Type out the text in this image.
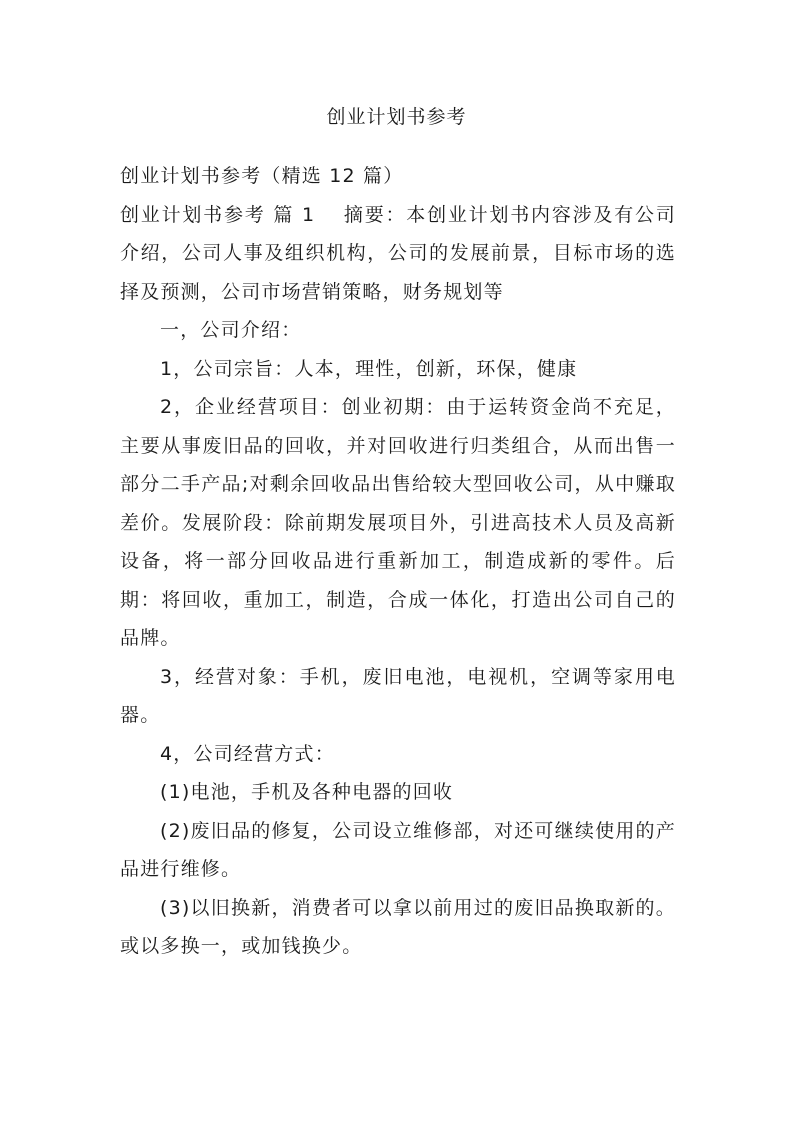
创业计划书参考

创业计划书参考（精选 12 篇）

创业计划书参考 篇 1 摘要：本创业计划书内容涉及有公司介绍，公司人事及组织机构，公司的发展前景，目标市场的选择及预测，公司市场营销策略，财务规划等

一，公司介绍：

1，公司宗旨：人本，理性，创新，环保，健康

2，企业经营项目：创业初期：由于运转资金尚不充足，主要从事废旧品的回收，并对回收进行归类组合，从而出售一部分二手产品;对剩余回收品出售给较大型回收公司，从中赚取差价。发展阶段：除前期发展项目外，引进高技术人员及高新设备，将一部分回收品进行重新加工，制造成新的零件。后期：将回收，重加工，制造，合成一体化，打造出公司自己的品牌。

3，经营对象：手机，废旧电池，电视机，空调等家用电器。

4，公司经营方式：

(1)电池，手机及各种电器的回收

(2)废旧品的修复，公司设立维修部，对还可继续使用的产品进行维修。

(3)以旧换新，消费者可以拿以前用过的废旧品换取新的。或以多换一，或加钱换少。
